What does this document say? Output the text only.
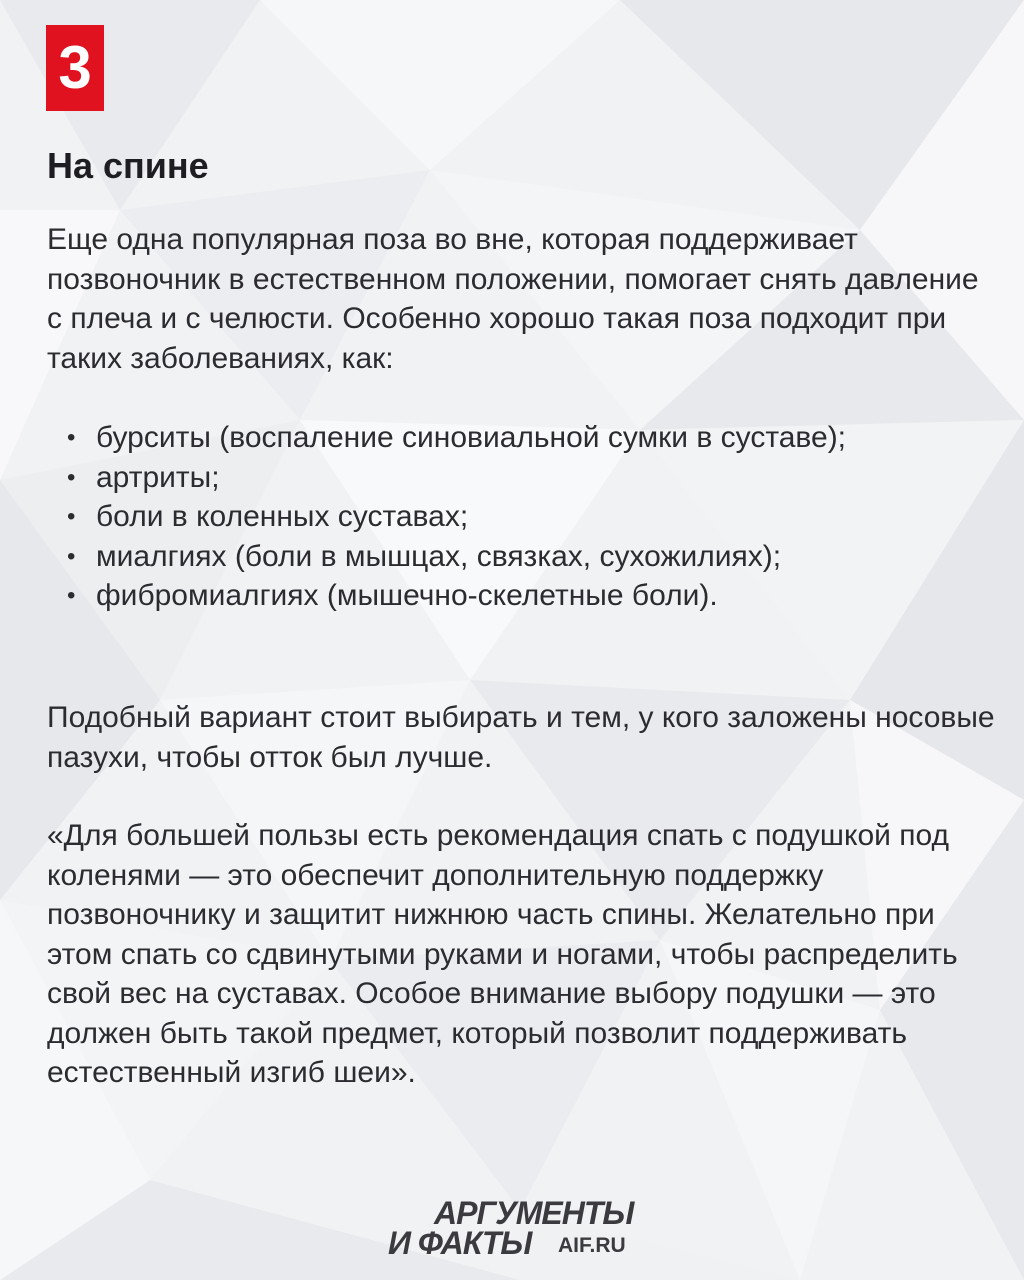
3
На спине
Еще одна популярная поза во вне, которая поддерживает позвоночник в естественном положении, помогает снять давление с плеча и с челюсти. Особенно хорошо такая поза подходит при таких заболеваниях, как:
• бурситы (воспаление синовиальной сумки в суставе);
• артриты;
• боли в коленных суставах;
• миалгиях (боли в мышцах, связках, сухожилиях);
• фибромиалгиях (мышечно-скелетные боли).
Подобный вариант стоит выбирать и тем, у кого заложены носовые пазухи, чтобы отток был лучше.
«Для большей пользы есть рекомендация спать с подушкой под коленями — это обеспечит дополнительную поддержку позвоночнику и защитит нижнюю часть спины. Желательно при этом спать со сдвинутыми руками и ногами, чтобы распределить свой вес на суставах. Особое внимание выбору подушки — это должен быть такой предмет, который позволит поддерживать естественный изгиб шеи».
АРГУМЕНТЫ
И ФАКТЫ AIF.RU
